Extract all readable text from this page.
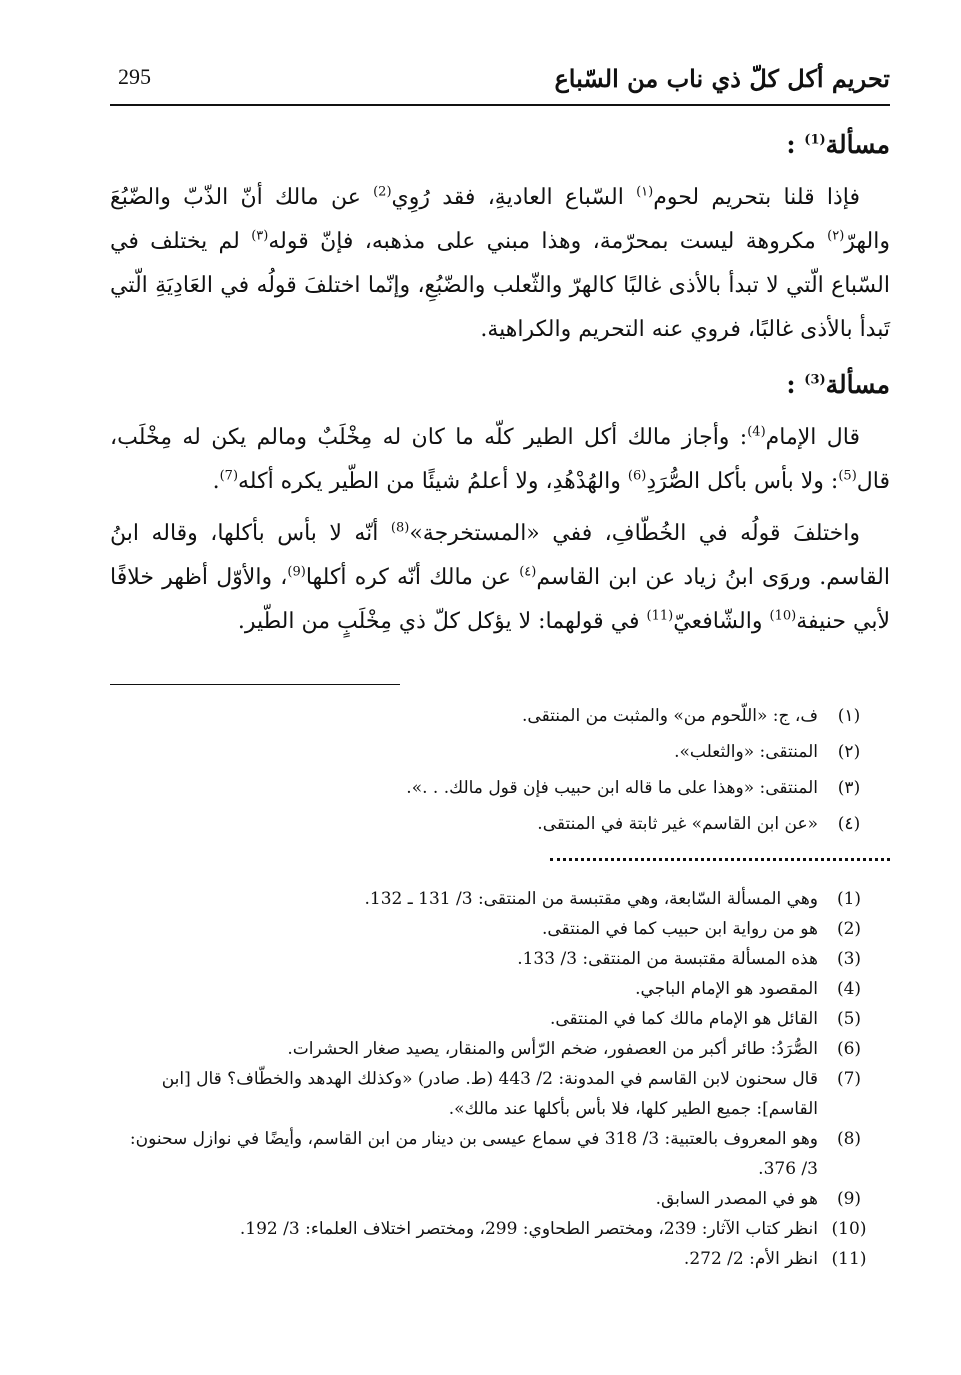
تحريم أكل كلّ ذي ناب من السّباع
295

مسألة$^{(1)}$ :

فإذا قلنا بتحريم لحوم$^{(١)}$ السّباع العاديةِ، فقد رُوِي$^{(2)}$ عن مالك أنّ الذّبّ والضّبُعَ والهرّ$^{(٢)}$ مكروهة ليست بمحرّمة، وهذا مبني على مذهبه، فإنّ قوله$^{(٣)}$ لم يختلف في السّباع الّتي لا تبدأ بالأذى غالبًا كالهرّ والثّعلب والضّبُعِ، وإنّما اختلفَ قولُه في العَادِيَةِ الّتي تَبدأ بالأذى غالبًا، فروي عنه التحريم والكراهية.

مسألة$^{(3)}$ :

قال الإمام$^{(4)}$: وأجاز مالك أكل الطير كلّه ما كان له مِخْلَبٌ ومالم يكن له مِخْلَب، قال$^{(5)}$: ولا بأس بأكل الصُّرَدِ$^{(6)}$ والهُدْهُدِ، ولا أعلمُ شيئًا من الطّير يكره أكله$^{(7)}$.

واختلفَ قولُه في الخُطّافِ، ففي «المستخرجة»$^{(8)}$ أنّه لا بأس بأكلها، وقاله ابنُ القاسم. وروَى ابنُ زياد عن ابن القاسم$^{(٤)}$ عن مالك أنّه كره أكلها$^{(9)}$، والأوّل أظهر خلافًا لأبي حنيفة$^{(10)}$ والشّافعيّ$^{(11)}$ في قولهما: لا يؤكل كلّ ذي مِخْلَبٍ من الطّير.

(١)
ف، ج: «اللّحوم من» والمثبت من المنتقى.
(٢)
المنتقى: «والثعلب».
(٣)
المنتقى: «وهذا على ما قاله ابن حبيب فإن قول مالك. . .».
(٤)
«عن ابن القاسم» غير ثابتة في المنتقى.
(1)
وهي المسألة السّابعة، وهي مقتبسة من المنتقى: 3/ 131 ـ 132.
(2)
هو من رواية ابن حبيب كما في المنتقى.
(3)
هذه المسألة مقتبسة من المنتقى: 3/ 133.
(4)
المقصود هو الإمام الباجي.
(5)
القائل هو الإمام مالك كما في المنتقى.
(6)
الصُّرَدُ: طائر أكبر من العصفور، ضخم الرّأس والمنقار، يصيد صغار الحشرات.
(7)
قال سحنون لابن القاسم في المدونة: 2/ 443 (ط. صادر) «وكذلك الهدهد والخطّاف؟ قال [ابن القاسم]: جميع الطير كلها، فلا بأس بأكلها عند مالك».
(8)
وهو المعروف بالعتبية: 3/ 318 في سماع عيسى بن دينار من ابن القاسم، وأيضًا في نوازل سحنون: 3/ 376.
(9)
هو في المصدر السابق.
(10)
انظر كتاب الآثار: 239، ومختصر الطحاوي: 299، ومختصر اختلاف العلماء: 3/ 192.
(11)
انظر الأم: 2/ 272.
